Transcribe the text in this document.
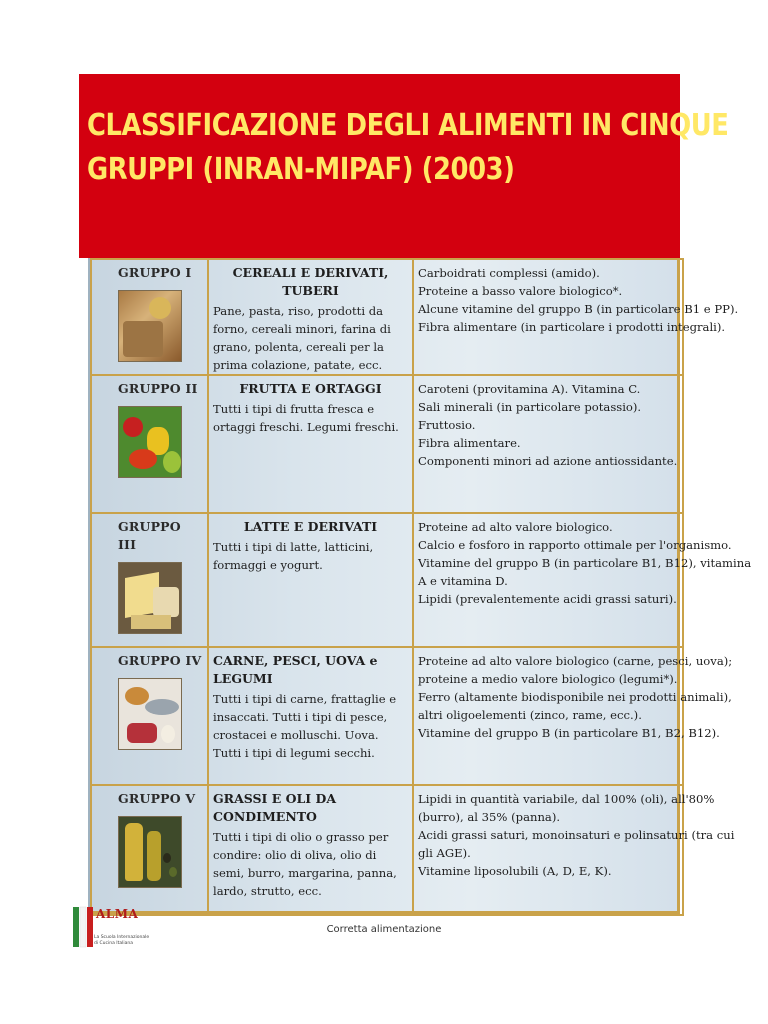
CLASSIFICAZIONE DEGLI ALIMENTI IN CINQUE
GRUPPI (INRAN-MIPAF) (2003)
GRUPPO I	CEREALI E DERIVATI, TUBERI
Pane, pasta, riso, prodotti da forno, cereali minori, farina di grano, polenta, cereali per la prima colazione, patate, ecc.	Carboidrati complessi (amido).
Proteine a basso valore biologico*.
Alcune vitamine del gruppo B (in particolare B1 e PP).
Fibra alimentare (in particolare i prodotti integrali).

GRUPPO II	FRUTTA E ORTAGGI
Tutti i tipi di frutta fresca e ortaggi freschi. Legumi freschi.	Caroteni (provitamina A). Vitamina C.
Sali minerali (in particolare potassio).
Fruttosio.
Fibra alimentare.
Componenti minori ad azione antiossidante.

GRUPPO III	LATTE E DERIVATI
Tutti i tipi di latte, latticini, formaggi e yogurt.	Proteine ad alto valore biologico.
Calcio e fosforo in rapporto ottimale per l'organismo.
Vitamine del gruppo B (in particolare B1, B12), vitamina
A e vitamina D.
Lipidi (prevalentemente acidi grassi saturi).

GRUPPO IV	CARNE, PESCI, UOVA e LEGUMI
Tutti i tipi di carne, frattaglie e insaccati. Tutti i tipi di pesce, crostacei e molluschi. Uova. Tutti i tipi di legumi secchi.	Proteine ad alto valore biologico (carne, pesci, uova);
proteine a medio valore biologico (legumi*).
Ferro (altamente biodisponibile nei prodotti animali),
altri oligoelementi (zinco, rame, ecc.).
Vitamine del gruppo B (in particolare B1, B2, B12).

GRUPPO V	GRASSI E OLI DA CONDIMENTO
Tutti i tipi di olio o grasso per condire: olio di oliva, olio di semi, burro, margarina, panna, lardo, strutto, ecc.	Lipidi in quantità variabile, dal 100% (oli), all'80%
(burro), al 35% (panna).
Acidi grassi saturi, monoinsaturi e polinsaturi (tra cui
gli AGE).
Vitamine liposolubili (A, D, E, K).
ALMA
La Scuola Internazionale
di Cucina Italiana
Corretta alimentazione
